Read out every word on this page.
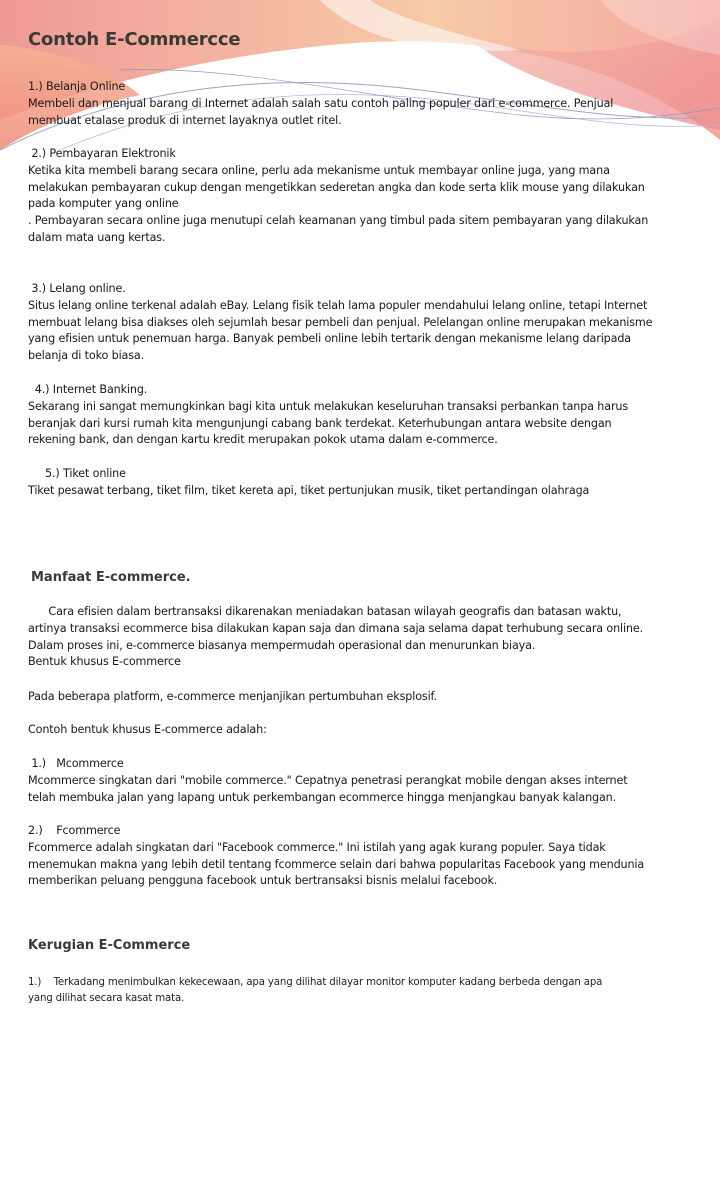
Contoh E-Commercce
1.) Belanja Online
Membeli dan menjual barang di Internet adalah salah satu contoh paling populer dari e-commerce. Penjual
membuat etalase produk di internet layaknya outlet ritel.
2.) Pembayaran Elektronik
Ketika kita membeli barang secara online, perlu ada mekanisme untuk membayar online juga, yang mana
melakukan pembayaran cukup dengan mengetikkan sederetan angka dan kode serta klik mouse yang dilakukan
pada komputer yang online
. Pembayaran secara online juga menutupi celah keamanan yang timbul pada sitem pembayaran yang dilakukan
dalam mata uang kertas.
3.) Lelang online.
Situs lelang online terkenal adalah eBay. Lelang fisik telah lama populer mendahului lelang online, tetapi Internet
membuat lelang bisa diakses oleh sejumlah besar pembeli dan penjual. Pelelangan online merupakan mekanisme
yang efisien untuk penemuan harga. Banyak pembeli online lebih tertarik dengan mekanisme lelang daripada
belanja di toko biasa.
4.) Internet Banking.
Sekarang ini sangat memungkinkan bagi kita untuk melakukan keseluruhan transaksi perbankan tanpa harus
beranjak dari kursi rumah kita mengunjungi cabang bank terdekat. Keterhubungan antara website dengan
rekening bank, dan dengan kartu kredit merupakan pokok utama dalam e-commerce.
5.) Tiket online
Tiket pesawat terbang, tiket film, tiket kereta api, tiket pertunjukan musik, tiket pertandingan olahraga
Manfaat E-commerce.
Cara efisien dalam bertransaksi dikarenakan meniadakan batasan wilayah geografis dan batasan waktu,
artinya transaksi ecommerce bisa dilakukan kapan saja dan dimana saja selama dapat terhubung secara online.
Dalam proses ini, e-commerce biasanya mempermudah operasional dan menurunkan biaya.
Bentuk khusus E-commerce
Pada beberapa platform, e-commerce menjanjikan pertumbuhan eksplosif.
Contoh bentuk khusus E-commerce adalah:
1.)   Mcommerce
Mcommerce singkatan dari "mobile commerce." Cepatnya penetrasi perangkat mobile dengan akses internet
telah membuka jalan yang lapang untuk perkembangan ecommerce hingga menjangkau banyak kalangan.
2.)    Fcommerce
Fcommerce adalah singkatan dari "Facebook commerce." Ini istilah yang agak kurang populer. Saya tidak
menemukan makna yang lebih detil tentang fcommerce selain dari bahwa popularitas Facebook yang mendunia
memberikan peluang pengguna facebook untuk bertransaksi bisnis melalui facebook.
Kerugian E-Commerce
1.)    Terkadang menimbulkan kekecewaan, apa yang dilihat dilayar monitor komputer kadang berbeda dengan apa
yang dilihat secara kasat mata.
